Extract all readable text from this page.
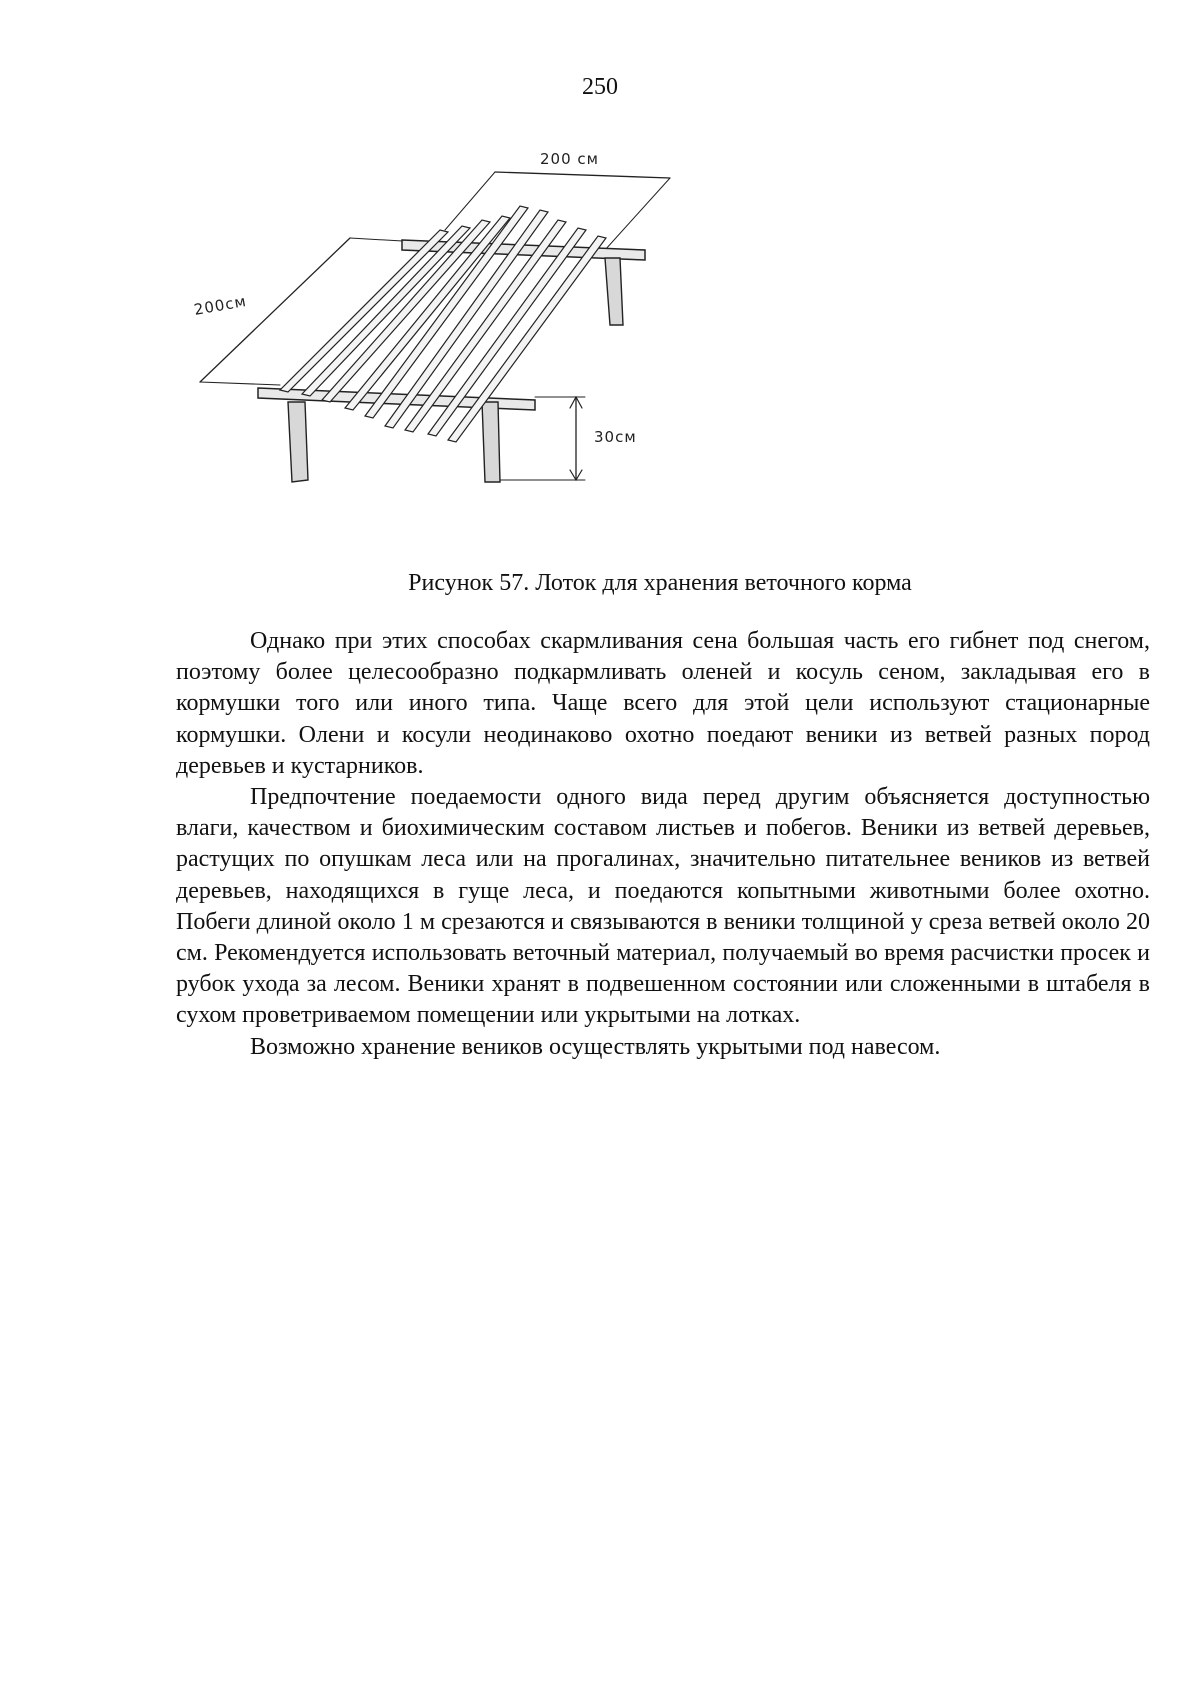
250
200 см
200см
30см
Рисунок 57. Лоток для хранения веточного корма

Однако при этих способах скармливания сена большая часть его гибнет под снегом, поэтому более целесообразно подкармливать оленей и косуль сеном, закладывая его в кормушки того или иного типа. Чаще всего для этой цели используют стационарные кормушки. Олени и косули неодинаково охотно поедают веники из ветвей разных пород деревьев и кустарников.

Предпочтение поедаемости одного вида перед другим объясняется доступностью влаги, качеством и биохимическим составом листьев и побегов. Веники из ветвей деревьев, растущих по опушкам леса или на прогалинах, значительно питательнее веников из ветвей деревьев, находящихся в гуще леса, и поедаются копытными животными более охотно. Побеги длиной около 1 м срезаются и связываются в веники толщиной у среза ветвей около 20 см. Рекомендуется использовать веточный материал, получаемый во время расчистки просек и рубок ухода за лесом. Веники хранят в подвешенном состоянии или сложенными в штабеля в сухом проветриваемом помещении или укрытыми на лотках.

Возможно хранение веников осуществлять укрытыми под навесом.
